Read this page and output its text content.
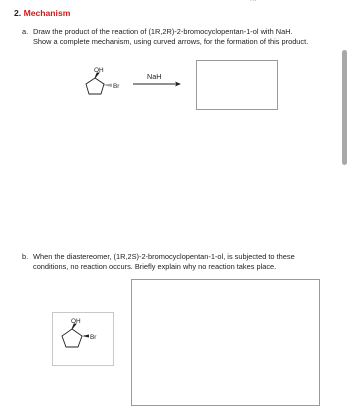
2. Mechanism
a. Draw the product of the reaction of (1R,2R)-2-bromocyclopentan-1-ol with NaH. Show a complete mechanism, using curved arrows, for the formation of this product.
OH
Br
NaH
b. When the diastereomer, (1R,2S)-2-bromocyclopentan-1-ol, is subjected to these conditions, no reaction occurs. Briefly explain why no reaction takes place.
OH
Br
